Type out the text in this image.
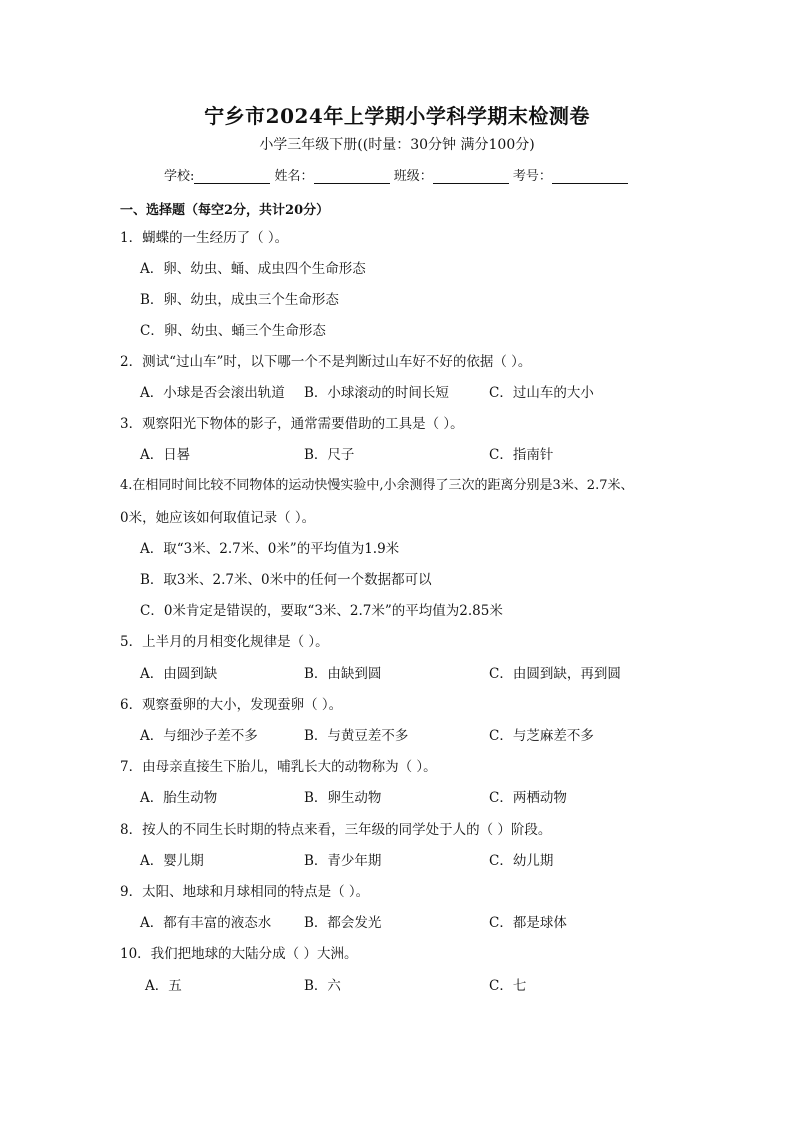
宁乡市2024年上学期小学科学期末检测卷
小学三年级下册((时量：30分钟 满分100分)
学校:	姓名：	班级：	考号：
一、选择题（每空2分，共计20分）
1．蝴蝶的一生经历了（ ）。
A．卵、幼虫、蛹、成虫四个生命形态
B．卵、幼虫，成虫三个生命形态
C．卵、幼虫、蛹三个生命形态
2．测试“过山车”时，以下哪一个不是判断过山车好不好的依据（ ）。
A．小球是否会滚出轨道 B．小球滚动的时间长短	C．过山车的大小
3．观察阳光下物体的影子，通常需要借助的工具是（ ）。
A．日晷	B．尺子	C．指南针
4.在相同时间比较不同物体的运动快慢实验中,小余测得了三次的距离分别是3米、2.7米、
0米，她应该如何取值记录（ ）。
A．取“3米、2.7米、0米”的平均值为1.9米
B．取3米、2.7米、0米中的任何一个数据都可以
C．0米肯定是错误的，要取“3米、2.7米”的平均值为2.85米
5．上半月的月相变化规律是（ ）。
A．由圆到缺	B．由缺到圆	C．由圆到缺，再到圆
6．观察蚕卵的大小，发现蚕卵（ ）。
A．与细沙子差不多	B．与黄豆差不多	C．与芝麻差不多
7．由母亲直接生下胎儿，哺乳长大的动物称为（ ）。
A．胎生动物	B．卵生动物	C．两栖动物
8．按人的不同生长时期的特点来看，三年级的同学处于人的（ ）阶段。
A．婴儿期	B．青少年期	C．幼儿期
9．太阳、地球和月球相同的特点是（ ）。
A．都有丰富的液态水 B．都会发光	C．都是球体
10．我们把地球的大陆分成（ ）大洲。
A．五	B．六	C．七
